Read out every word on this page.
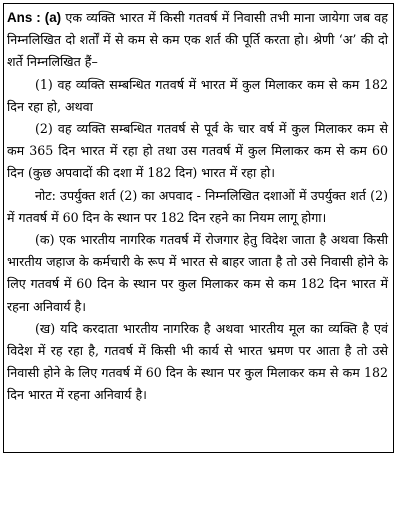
Ans : (a) एक व्यक्ति भारत में किसी गतवर्ष में निवासी तभी माना जायेगा जब वह निम्नलिखित दो शर्तों में से कम से कम एक शर्त की पूर्ति करता हो। श्रेणी ‘अ’ की दो शर्ते निम्नलिखित हैं–

(1) वह व्यक्ति सम्बन्धित गतवर्ष में भारत में कुल मिलाकर कम से कम 182 दिन रहा हो, अथवा

(2) वह व्यक्ति सम्बन्धित गतवर्ष से पूर्व के चार वर्ष में कुल मिलाकर कम से कम 365 दिन भारत में रहा हो तथा उस गतवर्ष में कुल मिलाकर कम से कम 60 दिन (कुछ अपवादों की दशा में 182 दिन) भारत में रहा हो।

नोट: उपर्युक्त शर्त (2) का अपवाद - निम्नलिखित दशाओं में उपर्युक्त शर्त (2) में गतवर्ष में 60 दिन के स्थान पर 182 दिन रहने का नियम लागू होगा।

(क) एक भारतीय नागरिक गतवर्ष में रोजगार हेतु विदेश जाता है अथवा किसी भारतीय जहाज के कर्मचारी के रूप में भारत से बाहर जाता है तो उसे निवासी होने के लिए गतवर्ष में 60 दिन के स्थान पर कुल मिलाकर कम से कम 182 दिन भारत में रहना अनिवार्य है।

(ख) यदि करदाता भारतीय नागरिक है अथवा भारतीय मूल का व्यक्ति है एवं विदेश में रह रहा है, गतवर्ष में किसी भी कार्य से भारत भ्रमण पर आता है तो उसे निवासी होने के लिए गतवर्ष में 60 दिन के स्थान पर कुल मिलाकर कम से कम 182 दिन भारत में रहना अनिवार्य है।
